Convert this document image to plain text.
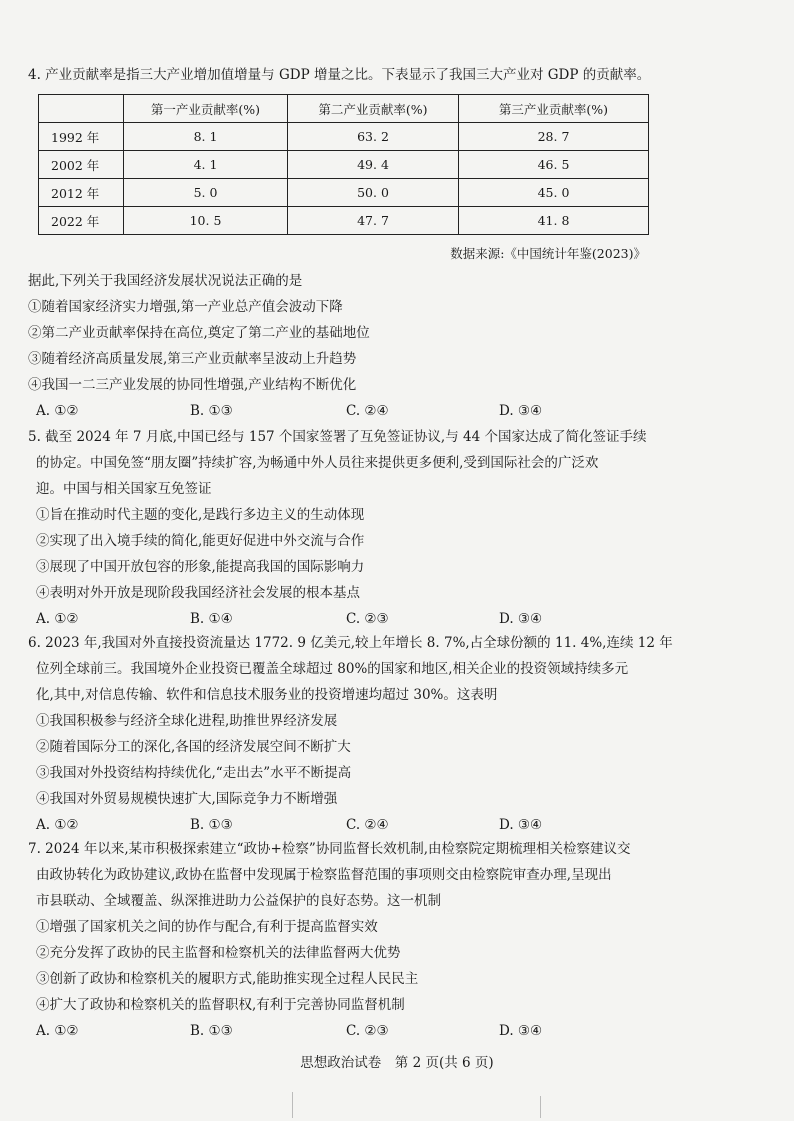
4. 产业贡献率是指三大产业增加值增量与 GDP 增量之比。下表显示了我国三大产业对 GDP 的贡献率。
	第一产业贡献率(%)	第二产业贡献率(%)	第三产业贡献率(%)
1992 年	8. 1	63. 2	28. 7
2002 年	4. 1	49. 4	46. 5
2012 年	5. 0	50. 0	45. 0
2022 年	10. 5	47. 7	41. 8
数据来源:《中国统计年鉴(2023)》
据此,下列关于我国经济发展状况说法正确的是
①随着国家经济实力增强,第一产业总产值会波动下降
②第二产业贡献率保持在高位,奠定了第二产业的基础地位
③随着经济高质量发展,第三产业贡献率呈波动上升趋势
④我国一二三产业发展的协同性增强,产业结构不断优化
A. ①②	B. ①③	C. ②④	D. ③④
5. 截至 2024 年 7 月底,中国已经与 157 个国家签署了互免签证协议,与 44 个国家达成了简化签证手续
的协定。中国免签“朋友圈”持续扩容,为畅通中外人员往来提供更多便利,受到国际社会的广泛欢
迎。中国与相关国家互免签证
①旨在推动时代主题的变化,是践行多边主义的生动体现
②实现了出入境手续的简化,能更好促进中外交流与合作
③展现了中国开放包容的形象,能提高我国的国际影响力
④表明对外开放是现阶段我国经济社会发展的根本基点
A. ①②	B. ①④	C. ②③	D. ③④
6. 2023 年,我国对外直接投资流量达 1772. 9 亿美元,较上年增长 8. 7%,占全球份额的 11. 4%,连续 12 年
位列全球前三。我国境外企业投资已覆盖全球超过 80%的国家和地区,相关企业的投资领域持续多元
化,其中,对信息传输、软件和信息技术服务业的投资增速均超过 30%。这表明
①我国积极参与经济全球化进程,助推世界经济发展
②随着国际分工的深化,各国的经济发展空间不断扩大
③我国对外投资结构持续优化,“走出去”水平不断提高
④我国对外贸易规模快速扩大,国际竞争力不断增强
A. ①②	B. ①③	C. ②④	D. ③④
7. 2024 年以来,某市积极探索建立“政协+检察”协同监督长效机制,由检察院定期梳理相关检察建议交
由政协转化为政协建议,政协在监督中发现属于检察监督范围的事项则交由检察院审查办理,呈现出
市县联动、全域覆盖、纵深推进助力公益保护的良好态势。这一机制
①增强了国家机关之间的协作与配合,有利于提高监督实效
②充分发挥了政协的民主监督和检察机关的法律监督两大优势
③创新了政协和检察机关的履职方式,能助推实现全过程人民民主
④扩大了政协和检察机关的监督职权,有利于完善协同监督机制
A. ①②	B. ①③	C. ②③	D. ③④
思想政治试卷　第 2 页(共 6 页)
